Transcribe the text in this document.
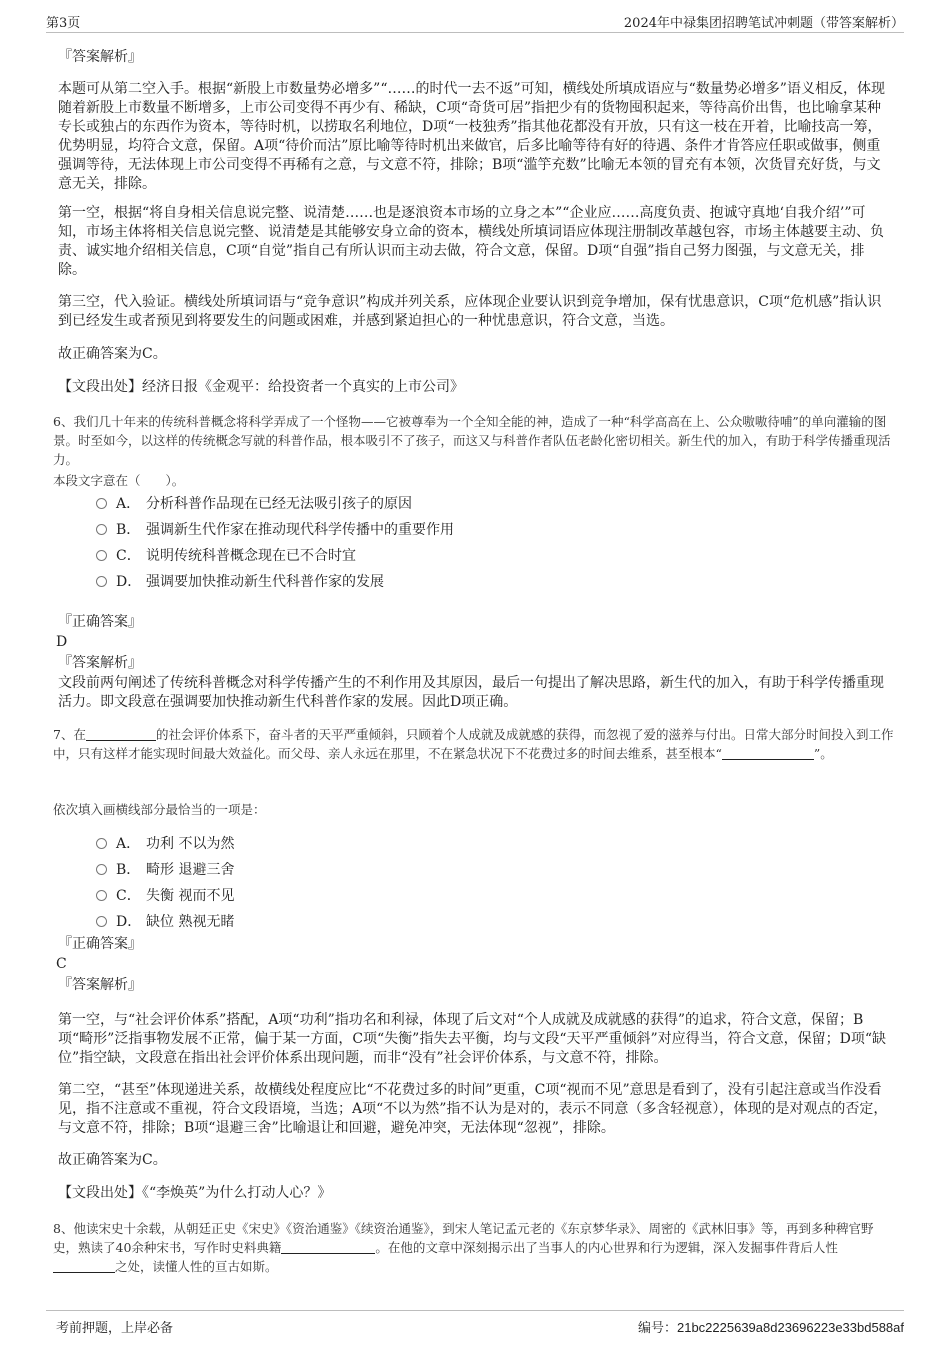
第3页	2024年中禄集团招聘笔试冲刺题（带答案解析）
『答案解析』
本题可从第二空入手。根据“新股上市数量势必增多”“……的时代一去不返”可知，横线处所填成语应与“数量势必增多”语义相反，体现随着新股上市数量不断增多，上市公司变得不再少有、稀缺，C项“奇货可居”指把少有的货物囤积起来，等待高价出售，也比喻拿某种专长或独占的东西作为资本，等待时机，以捞取名利地位，D项“一枝独秀”指其他花都没有开放，只有这一枝在开着，比喻技高一筹，优势明显，均符合文意，保留。A项“待价而沽”原比喻等待时机出来做官，后多比喻等待有好的待遇、条件才肯答应任职或做事，侧重强调等待，无法体现上市公司变得不再稀有之意，与文意不符，排除；B项“滥竽充数”比喻无本领的冒充有本领，次货冒充好货，与文意无关，排除。
第一空，根据“将自身相关信息说完整、说清楚……也是逐浪资本市场的立身之本”“企业应……高度负责、抱诚守真地‘自我介绍’”可知，市场主体将相关信息说完整、说清楚是其能够安身立命的资本，横线处所填词语应体现注册制改革越包容，市场主体越要主动、负责、诚实地介绍相关信息，C项“自觉”指自己有所认识而主动去做，符合文意，保留。D项“自强”指自己努力图强，与文意无关，排除。
第三空，代入验证。横线处所填词语与“竞争意识”构成并列关系，应体现企业要认识到竞争增加，保有忧患意识，C项“危机感”指认识到已经发生或者预见到将要发生的问题或困难，并感到紧迫担心的一种忧患意识，符合文意，当选。
故正确答案为C。
【文段出处】经济日报《金观平：给投资者一个真实的上市公司》
6、我们几十年来的传统科普概念将科学弄成了一个怪物——它被尊奉为一个全知全能的神，造成了一种“科学高高在上、公众嗷嗷待哺”的单向灌输的图景。时至如今，以这样的传统概念写就的科普作品，根本吸引不了孩子，而这又与科普作者队伍老龄化密切相关。新生代的加入，有助于科学传播重现活力。
本段文字意在（　　）。
A． 分析科普作品现在已经无法吸引孩子的原因
B． 强调新生代作家在推动现代科学传播中的重要作用
C． 说明传统科普概念现在已不合时宜
D． 强调要加快推动新生代科普作家的发展
『正确答案』
D
『答案解析』
文段前两句阐述了传统科普概念对科学传播产生的不利作用及其原因，最后一句提出了解决思路，新生代的加入，有助于科学传播重现活力。即文段意在强调要加快推动新生代科普作家的发展。因此D项正确。
7、在	的社会评价体系下，奋斗者的天平严重倾斜，只顾着个人成就及成就感的获得，而忽视了爱的滋养与付出。日常大部分时间投入到工作中，只有这样才能实现时间最大效益化。而父母、亲人永远在那里，不在紧急状况下不花费过多的时间去维系，甚至根本“	”。
依次填入画横线部分最恰当的一项是：
A． 功利 不以为然
B． 畸形 退避三舍
C． 失衡 视而不见
D． 缺位 熟视无睹
『正确答案』
C
『答案解析』
第一空，与“社会评价体系”搭配，A项“功利”指功名和利禄，体现了后文对“个人成就及成就感的获得”的追求，符合文意，保留；B项“畸形”泛指事物发展不正常，偏于某一方面，C项“失衡”指失去平衡，均与文段“天平严重倾斜”对应得当，符合文意，保留；D项“缺位”指空缺，文段意在指出社会评价体系出现问题，而非“没有”社会评价体系，与文意不符，排除。
第二空，“甚至”体现递进关系，故横线处程度应比“不花费过多的时间”更重，C项“视而不见”意思是看到了，没有引起注意或当作没看见，指不注意或不重视，符合文段语境，当选；A项“不以为然”指不认为是对的，表示不同意（多含轻视意），体现的是对观点的否定，与文意不符，排除；B项“退避三舍”比喻退让和回避，避免冲突，无法体现“忽视”，排除。
故正确答案为C。
【文段出处】《“李焕英”为什么打动人心？》
8、他读宋史十余载，从朝廷正史《宋史》《资治通鉴》《续资治通鉴》，到宋人笔记孟元老的《东京梦华录》、周密的《武林旧事》等，再到多种稗官野史，熟读了40余种宋书，写作时史料典籍	。在他的文章中深刻揭示出了当事人的内心世界和行为逻辑，深入发掘事件背后人性之处，读懂人性的亘古如斯。
考前押题，上岸必备	编号：21bc2225639a8d23696223e33bd588af
